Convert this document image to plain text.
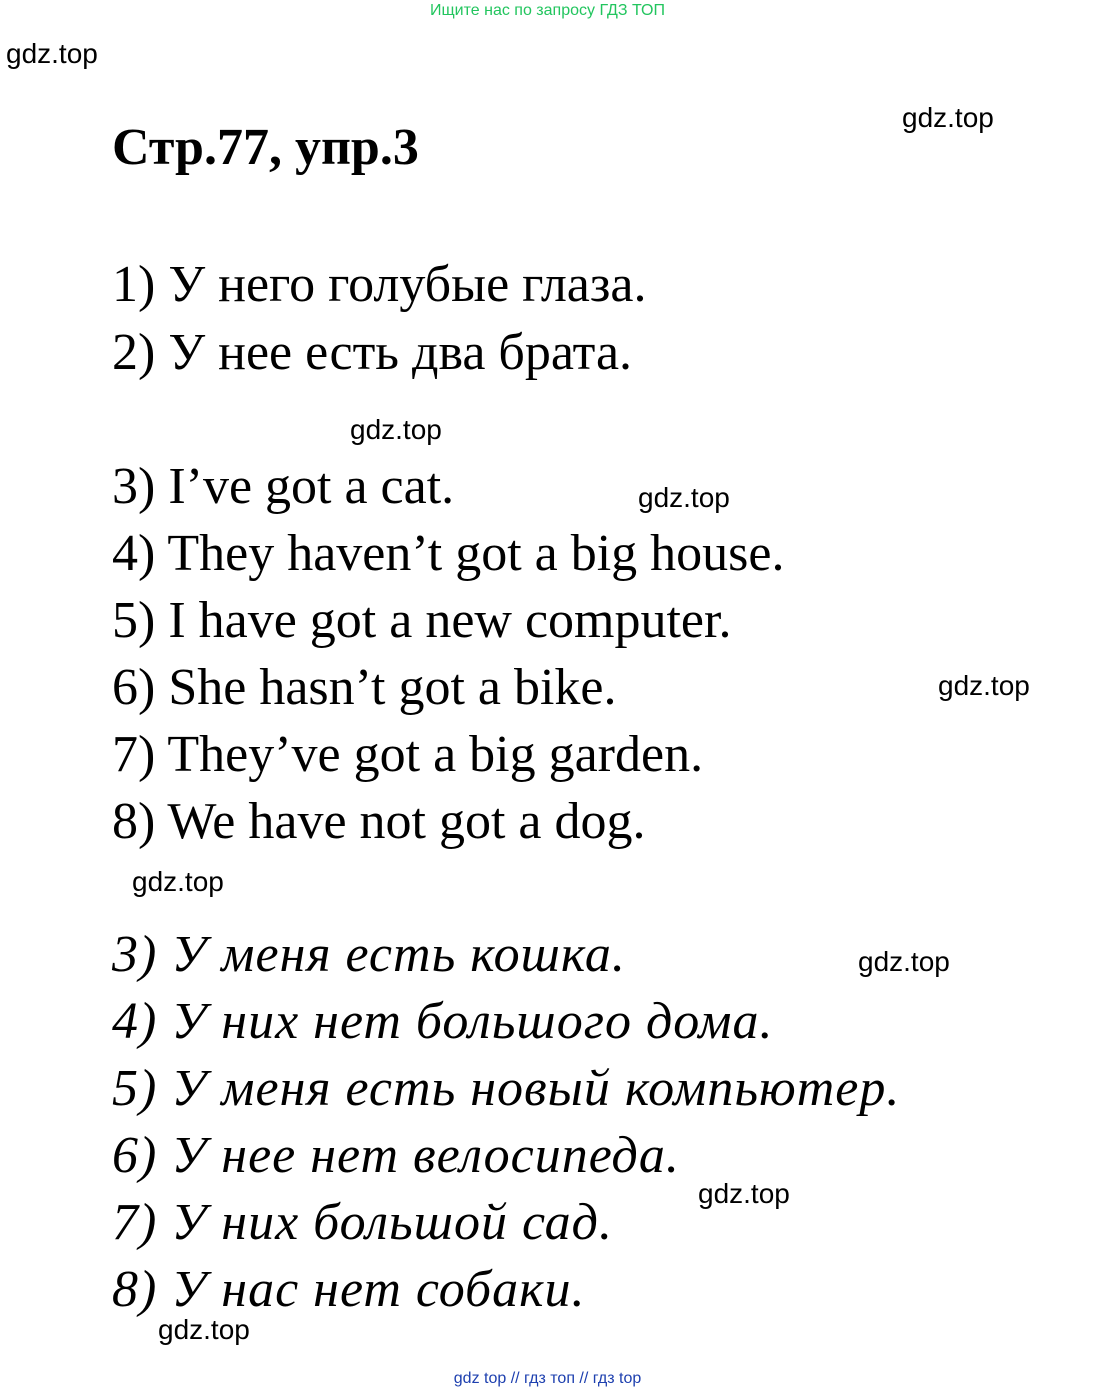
Ищите нас по запросу ГДЗ ТОП
gdz.top
gdz.top
gdz.top
gdz.top
gdz.top
gdz.top
gdz.top
gdz.top
gdz.top
Стр.77, упр.3
1) У него голубые глаза.
2) У нее есть два брата.
3) I’ve got a cat.
4) They haven’t got a big house.
5) I have got a new computer.
6) She hasn’t got a bike.
7) They’ve got a big garden.
8) We have not got a dog.
3) У меня есть кошка.
4) У них нет большого дома.
5) У меня есть новый компьютер.
6) У нее нет велосипеда.
7) У них большой сад.
8) У нас нет собаки.
gdz top // гдз топ // гдз top
